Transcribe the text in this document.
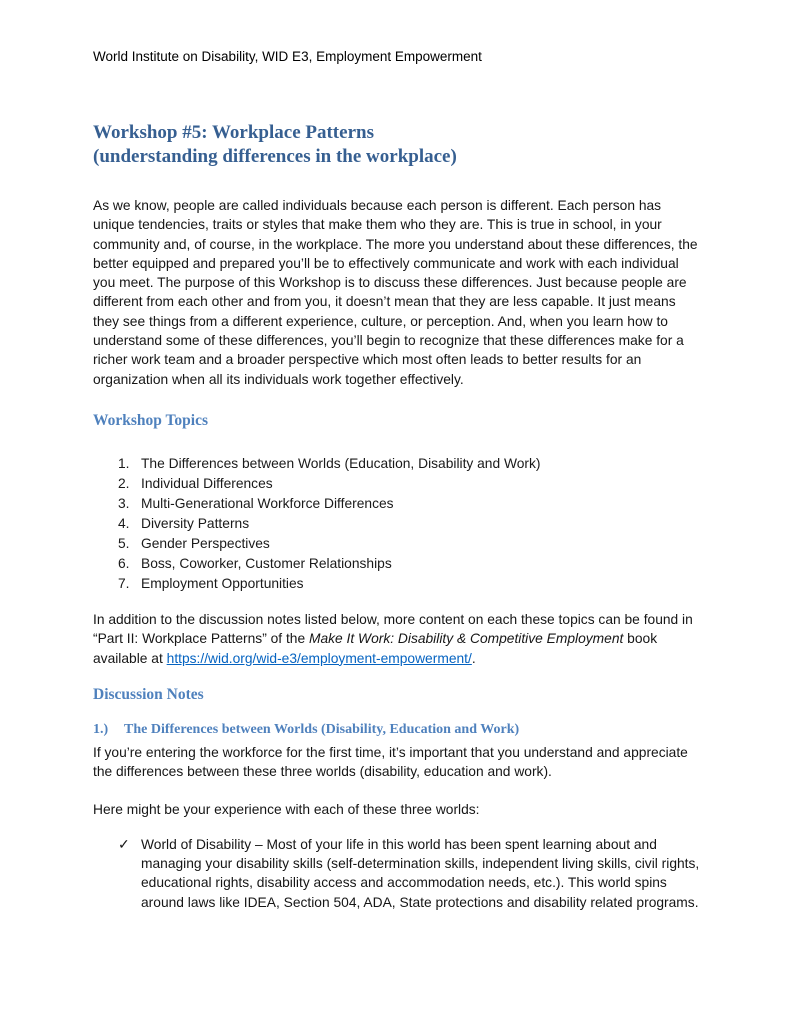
World Institute on Disability, WID E3, Employment Empowerment
Workshop #5: Workplace Patterns
(understanding differences in the workplace)
As we know, people are called individuals because each person is different. Each person has unique tendencies, traits or styles that make them who they are. This is true in school, in your community and, of course, in the workplace. The more you understand about these differences, the better equipped and prepared you’ll be to effectively communicate and work with each individual you meet. The purpose of this Workshop is to discuss these differences. Just because people are different from each other and from you, it doesn’t mean that they are less capable. It just means they see things from a different experience, culture, or perception. And, when you learn how to understand some of these differences, you’ll begin to recognize that these differences make for a richer work team and a broader perspective which most often leads to better results for an organization when all its individuals work together effectively.
Workshop Topics
1. The Differences between Worlds (Education, Disability and Work)
2. Individual Differences
3. Multi-Generational Workforce Differences
4. Diversity Patterns
5. Gender Perspectives
6. Boss, Coworker, Customer Relationships
7. Employment Opportunities
In addition to the discussion notes listed below, more content on each these topics can be found in “Part II: Workplace Patterns” of the Make It Work: Disability & Competitive Employment book available at https://wid.org/wid-e3/employment-empowerment/.
Discussion Notes
1.)	The Differences between Worlds (Disability, Education and Work)
If you’re entering the workforce for the first time, it’s important that you understand and appreciate the differences between these three worlds (disability, education and work).
Here might be your experience with each of these three worlds:
✓ World of Disability – Most of your life in this world has been spent learning about and managing your disability skills (self-determination skills, independent living skills, civil rights, educational rights, disability access and accommodation needs, etc.). This world spins around laws like IDEA, Section 504, ADA, State protections and disability related programs.
